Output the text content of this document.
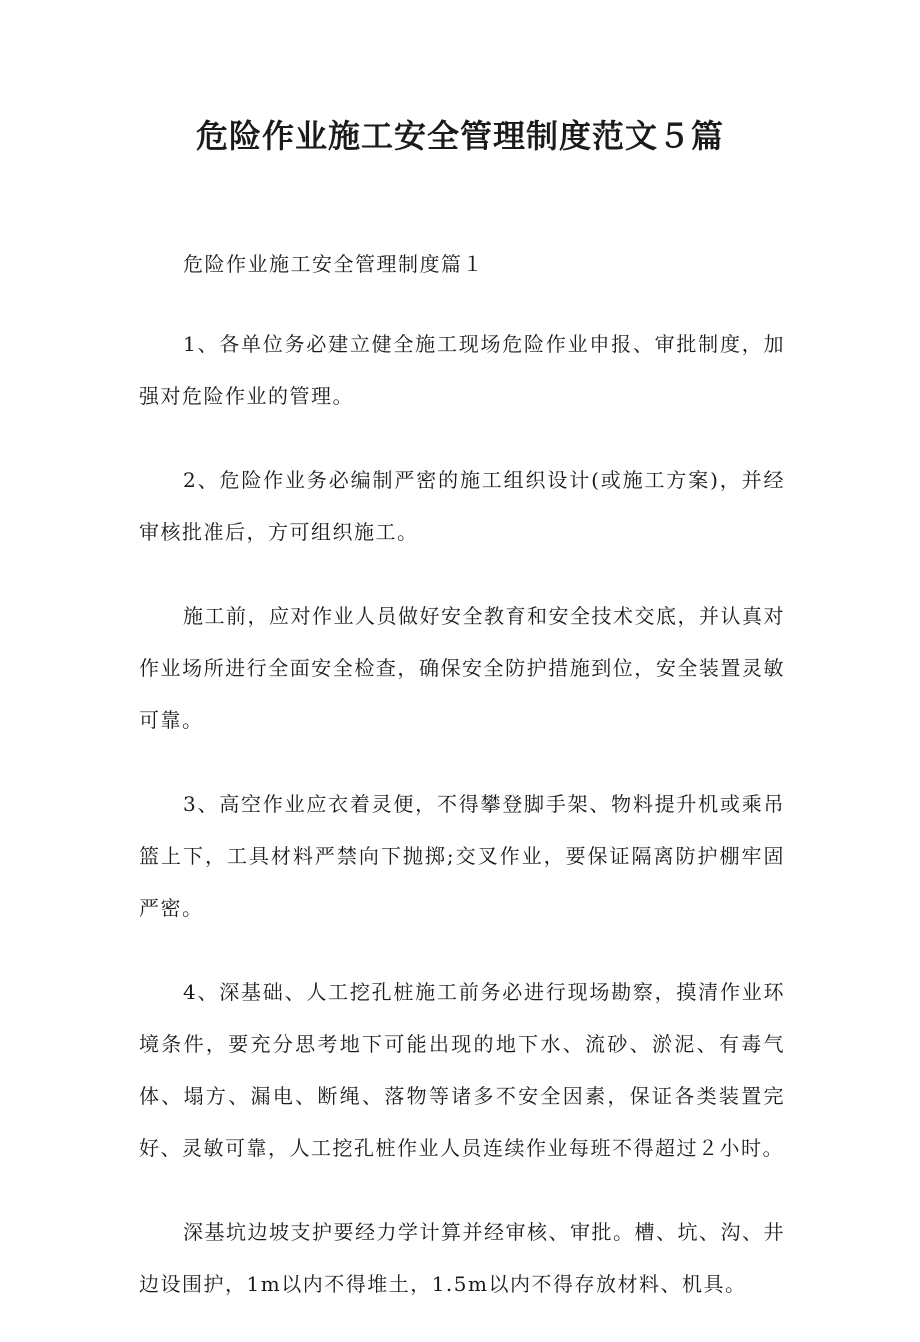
危险作业施工安全管理制度范文５篇

危险作业施工安全管理制度篇１

1、各单位务必建立健全施工现场危险作业申报、审批制度，加强对危险作业的管理。

2、危险作业务必编制严密的施工组织设计(或施工方案)，并经审核批准后，方可组织施工。

施工前，应对作业人员做好安全教育和安全技术交底，并认真对作业场所进行全面安全检查，确保安全防护措施到位，安全装置灵敏可靠。

3、高空作业应衣着灵便，不得攀登脚手架、物料提升机或乘吊篮上下，工具材料严禁向下抛掷;交叉作业，要保证隔离防护棚牢固严密。

4、深基础、人工挖孔桩施工前务必进行现场勘察，摸清作业环境条件，要充分思考地下可能出现的地下水、流砂、淤泥、有毒气体、塌方、漏电、断绳、落物等诸多不安全因素，保证各类装置完好、灵敏可靠，人工挖孔桩作业人员连续作业每班不得超过２小时。

深基坑边坡支护要经力学计算并经审核、审批。槽、坑、沟、井边设围护，1m以内不得堆土，1.5m以内不得存放材料、机具。
